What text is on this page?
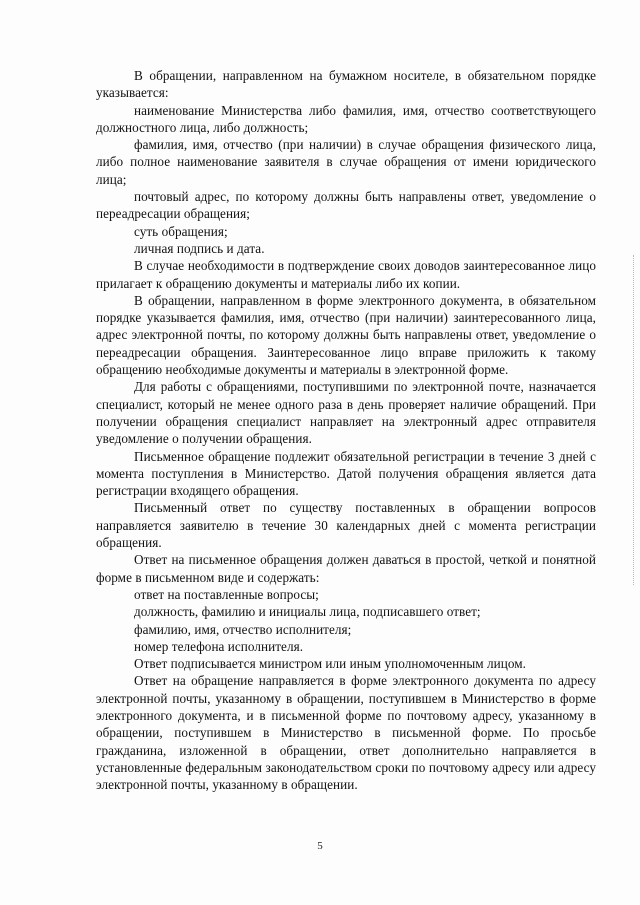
В обращении, направленном на бумажном носителе, в обязательном порядке указывается:

наименование Министерства либо фамилия, имя, отчество соответствующего должностного лица, либо должность;

фамилия, имя, отчество (при наличии) в случае обращения физического лица, либо полное наименование заявителя в случае обращения от имени юридического лица;

почтовый адрес, по которому должны быть направлены ответ, уведомление о переадресации обращения;

суть обращения;

личная подпись и дата.

В случае необходимости в подтверждение своих доводов заинтересованное лицо прилагает к обращению документы и материалы либо их копии.

В обращении, направленном в форме электронного документа, в обязательном порядке указывается фамилия, имя, отчество (при наличии) заинтересованного лица, адрес электронной почты, по которому должны быть направлены ответ, уведомление о переадресации обращения. Заинтересованное лицо вправе приложить к такому обращению необходимые документы и материалы в электронной форме.

Для работы с обращениями, поступившими по электронной почте, назначается специалист, который не менее одного раза в день проверяет наличие обращений. При получении обращения специалист направляет на электронный адрес отправителя уведомление о получении обращения.

Письменное обращение подлежит обязательной регистрации в течение 3 дней с момента поступления в Министерство. Датой получения обращения является дата регистрации входящего обращения.

Письменный ответ по существу поставленных в обращении вопросов направляется заявителю в течение 30 календарных дней с момента регистрации обращения.

Ответ на письменное обращения должен даваться в простой, четкой и понятной форме в письменном виде и содержать:

ответ на поставленные вопросы;

должность, фамилию и инициалы лица, подписавшего ответ;

фамилию, имя, отчество исполнителя;

номер телефона исполнителя.

Ответ подписывается министром или иным уполномоченным лицом.

Ответ на обращение направляется в форме электронного документа по адресу электронной почты, указанному в обращении, поступившем в Министерство в форме электронного документа, и в письменной форме по почтовому адресу, указанному в обращении, поступившем в Министерство в письменной форме. По просьбе гражданина, изложенной в обращении, ответ дополнительно направляется в установленные федеральным законодательством сроки по почтовому адресу или адресу электронной почты, указанному в обращении.

5
